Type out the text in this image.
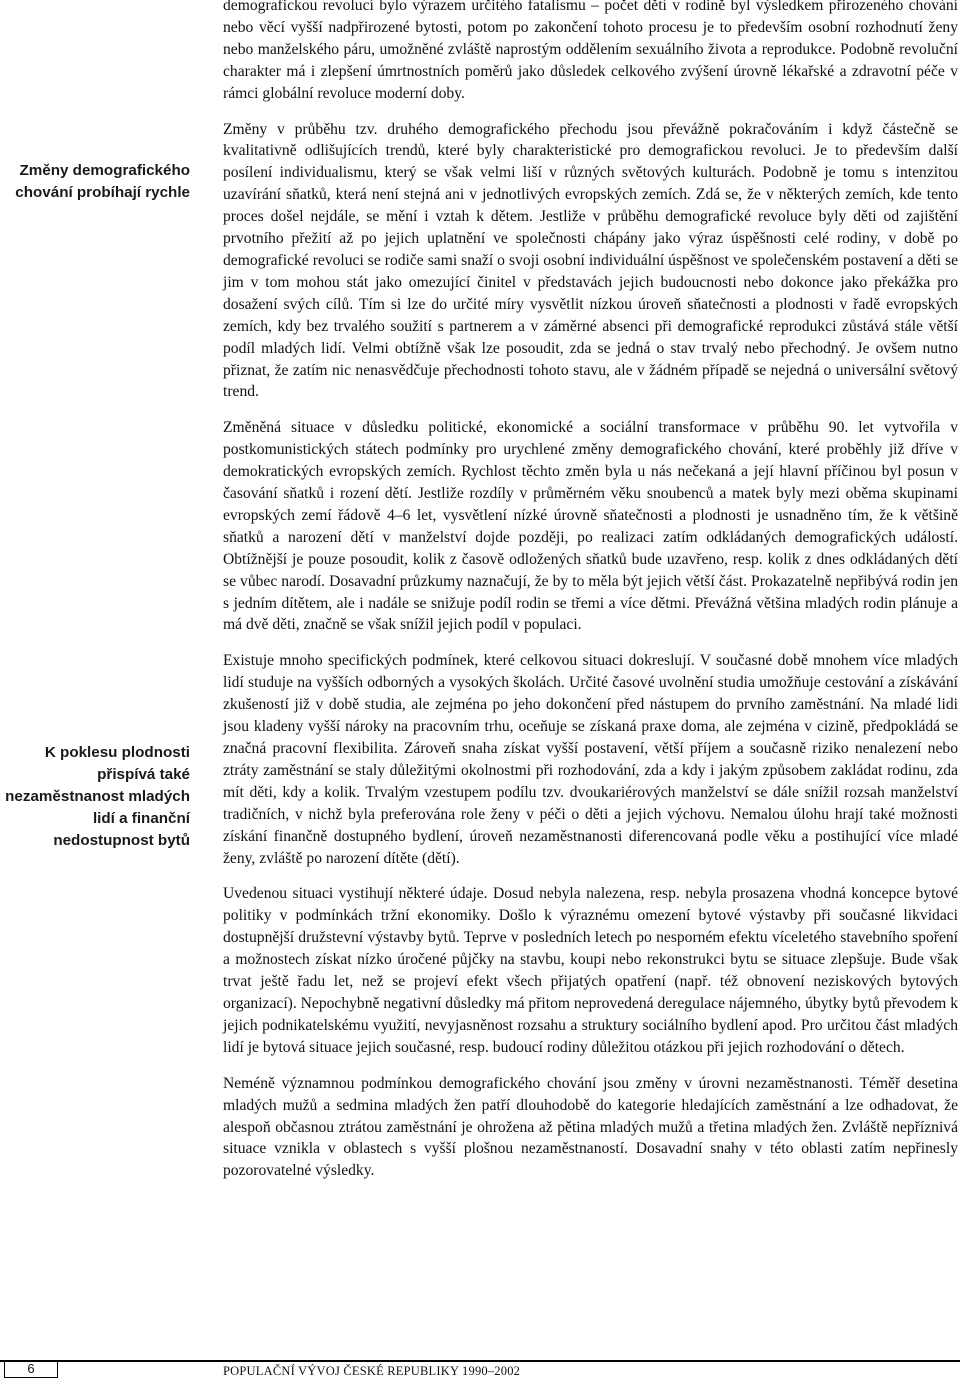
Změny demografického chování probíhají rychle
K poklesu plodnosti přispívá také nezaměstnanost mladých lidí a finanční nedostupnost bytů

demografickou revolucí bylo výrazem určitého fatalismu – počet dětí v rodině byl výsledkem přirozeného chování nebo věcí vyšší nadpřirozené bytosti, potom po zakončení tohoto procesu je to především osobní rozhodnutí ženy nebo manželského páru, umožněné zvláště naprostým oddělením sexuálního života a reprodukce. Podobně revoluční charakter má i zlepšení úmrtnostních poměrů jako důsledek celkového zvýšení úrovně lékařské a zdravotní péče v rámci globální revoluce moderní doby.

Změny v průběhu tzv. druhého demografického přechodu jsou převážně pokračováním i když částečně se kvalitativně odlišujících trendů, které byly charakteristické pro demografickou revoluci. Je to především další posílení individualismu, který se však velmi liší v různých světových kulturách. Podobně je tomu s intenzitou uzavírání sňatků, která není stejná ani v jednotlivých evropských zemích. Zdá se, že v některých zemích, kde tento proces došel nejdále, se mění i vztah k dětem. Jestliže v průběhu demografické revoluce byly děti od zajištění prvotního přežití až po jejich uplatnění ve společnosti chápány jako výraz úspěšnosti celé rodiny, v době po demografické revoluci se rodiče sami snaží o svoji osobní individuální úspěšnost ve společenském postavení a děti se jim v tom mohou stát jako omezující činitel v představách jejich budoucnosti nebo dokonce jako překážka pro dosažení svých cílů. Tím si lze do určité míry vysvětlit nízkou úroveň sňatečnosti a plodnosti v řadě evropských zemích, kdy bez trvalého soužití s partnerem a v záměrné absenci při demografické reprodukci zůstává stále větší podíl mladých lidí. Velmi obtížně však lze posoudit, zda se jedná o stav trvalý nebo přechodný. Je ovšem nutno přiznat, že zatím nic nenasvědčuje přechodnosti tohoto stavu, ale v žádném případě se nejedná o universální světový trend.

Změněná situace v důsledku politické, ekonomické a sociální transformace v průběhu 90. let vytvořila v postkomunistických státech podmínky pro urychlené změny demografického chování, které proběhly již dříve v demokratických evropských zemích. Rychlost těchto změn byla u nás nečekaná a její hlavní příčinou byl posun v časování sňatků i rození dětí. Jestliže rozdíly v průměrném věku snoubenců a matek byly mezi oběma skupinami evropských zemí řádově 4–6 let, vysvětlení nízké úrovně sňatečnosti a plodnosti je usnadněno tím, že k většině sňatků a narození dětí v manželství dojde později, po realizaci zatím odkládaných demografických událostí. Obtížnější je pouze posoudit, kolik z časově odložených sňatků bude uzavřeno, resp. kolik z dnes odkládaných dětí se vůbec narodí. Dosavadní průzkumy naznačují, že by to měla být jejich větší část. Prokazatelně nepřibývá rodin jen s jedním dítětem, ale i nadále se snižuje podíl rodin se třemi a více dětmi. Převážná většina mladých rodin plánuje a má dvě děti, značně se však snížil jejich podíl v populaci.

Existuje mnoho specifických podmínek, které celkovou situaci dokreslují. V současné době mnohem více mladých lidí studuje na vyšších odborných a vysokých školách. Určité časové uvolnění studia umožňuje cestování a získávání zkušeností již v době studia, ale zejména po jeho dokončení před nástupem do prvního zaměstnání. Na mladé lidi jsou kladeny vyšší nároky na pracovním trhu, oceňuje se získaná praxe doma, ale zejména v cizině, předpokládá se značná pracovní flexibilita. Zároveň snaha získat vyšší postavení, větší příjem a současně riziko nenalezení nebo ztráty zaměstnání se staly důležitými okolnostmi při rozhodování, zda a kdy i jakým způsobem zakládat rodinu, zda mít děti, kdy a kolik. Trvalým vzestupem podílu tzv. dvoukariérových manželství se dále snížil rozsah manželství tradičních, v nichž byla preferována role ženy v péči o děti a jejich výchovu. Nemalou úlohu hrají také možnosti získání finančně dostupného bydlení, úroveň nezaměstnanosti diferencovaná podle věku a postihující více mladé ženy, zvláště po narození dítěte (dětí).

Uvedenou situaci vystihují některé údaje. Dosud nebyla nalezena, resp. nebyla prosazena vhodná koncepce bytové politiky v podmínkách tržní ekonomiky. Došlo k výraznému omezení bytové výstavby při současné likvidaci dostupnější družstevní výstavby bytů. Teprve v posledních letech po nesporném efektu víceletého stavebního spoření a možnostech získat nízko úročené půjčky na stavbu, koupi nebo rekonstrukci bytu se situace zlepšuje. Bude však trvat ještě řadu let, než se projeví efekt všech přijatých opatření (např. též obnovení neziskových bytových organizací). Nepochybně negativní důsledky má přitom neprovedená deregulace nájemného, úbytky bytů převodem k jejich podnikatelskému využití, nevyjasněnost rozsahu a struktury sociálního bydlení apod. Pro určitou část mladých lidí je bytová situace jejich současné, resp. budoucí rodiny důležitou otázkou při jejich rozhodování o dětech.

Neméně významnou podmínkou demografického chování jsou změny v úrovni nezaměstnanosti. Téměř desetina mladých mužů a sedmina mladých žen patří dlouhodobě do kategorie hledajících zaměstnání a lze odhadovat, že alespoň občasnou ztrátou zaměstnání je ohrožena až pětina mladých mužů a třetina mladých žen. Zvláště nepříznivá situace vznikla v oblastech s vyšší plošnou nezaměstnaností. Dosavadní snahy v této oblasti zatím nepřinesly pozorovatelné výsledky.

6	POPULAČNÍ VÝVOJ ČESKÉ REPUBLIKY 1990–2002
